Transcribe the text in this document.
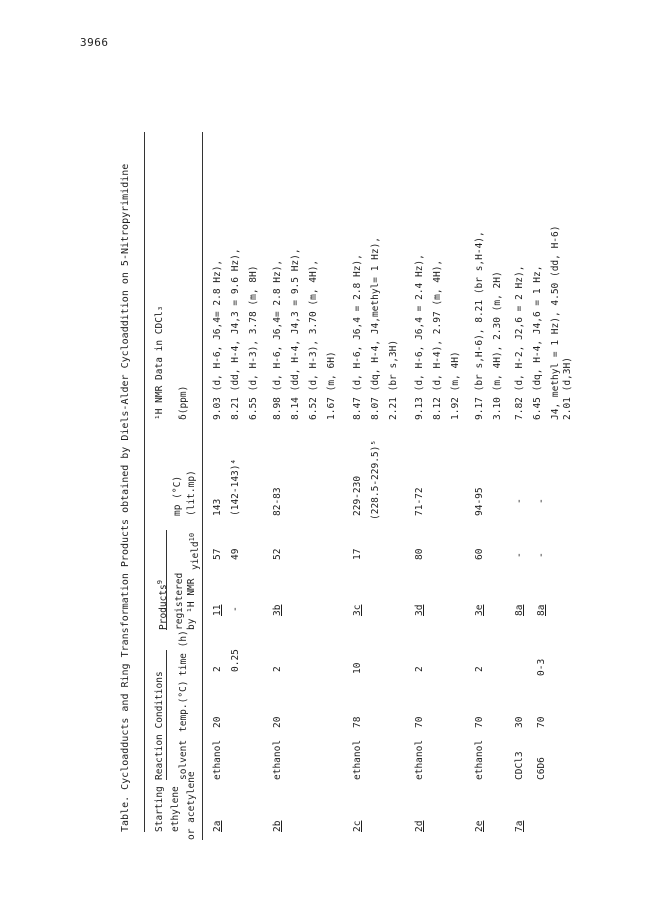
3966
Table. Cycloadducts and Ring Transformation Products obtained by Diels-Alder Cycloaddition on 5-Nitropyrimidine Starting ethylene or acetylene
Reaction Conditions solvent
temp.(°C)
time (h)
Products$^9$	registered by ¹H NMR
yield$^{10}$
mp (°C) (lit.mp)
¹H NMR Data in CDCl₃ δ(ppm)
2a
ethanol
20
2
11
57
143
9.03 (d, H-6, J6,4= 2.8 Hz), 8.21 (dd, H-4, J4,3 = 9.6 Hz), 6.55 (d, H-3), 3.78 (m, 8H)
0.25
-
49
(142-143)⁴
2b
ethanol
20
2
3b
52
82-83
8.98 (d, H-6, J6,4= 2.8 Hz), 8.14 (dd, H-4, J4,3 = 9.5 Hz), 6.52 (d, H-3), 3.70 (m, 4H), 1.67 (m, 6H)
2c
ethanol
78
10
3c
17
229-230 (228.5-229.5)⁵
8.47 (d, H-6, J6,4 = 2.8 Hz), 8.07 (dq, H-4, J4,methyl= 1 Hz), 2.21 (br s,3H)
2d
ethanol
70
2
3d
80
71-72
9.13 (d, H-6, J6,4 = 2.4 Hz), 8.12 (d, H-4), 2.97 (m, 4H), 1.92 (m, 4H)
2e
ethanol
70
2
3e
60
94-95
9.17 (br s,H-6), 8.21 (br s,H-4), 3.10 (m, 4H), 2.30 (m, 2H)
7a
CDCl3
30
8a
-
-
7.82 (d, H-2, J2,6 = 2 Hz), 6.45 (dq, H-4, J4,6 = 1 Hz, J4, methyl = 1 Hz), 4.50 (dd, H-6) 2.01 (d,3H)
C6D6
70
0-3
8a
-
-
